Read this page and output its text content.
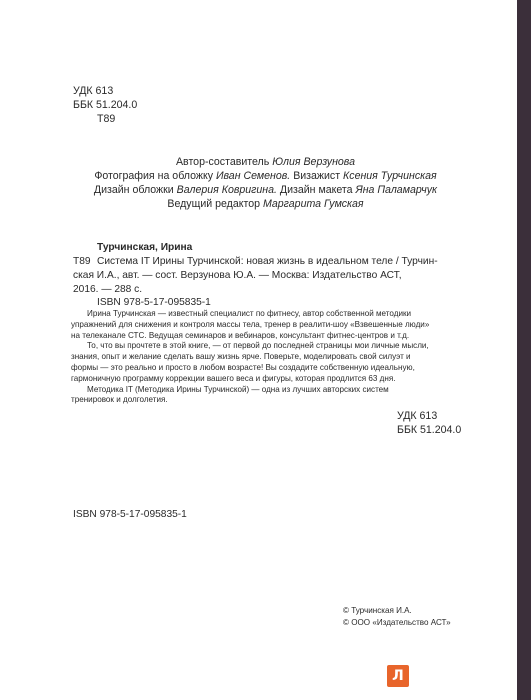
УДК 613
ББК 51.204.0
Т89
Автор-составитель Юлия Верзунова
Фотография на обложку Иван Семенов. Визажист Ксения Турчинская
Дизайн обложки Валерия Ковригина. Дизайн макета Яна Паламарчук
Ведущий редактор Маргарита Гумская
Турчинская, Ирина
Т89 Система IT Ирины Турчинской: новая жизнь в идеальном теле / Турчин-
ская И.А., авт. — сост. Верзунова Ю.А. — Москва: Издательство АСТ,
2016. — 288 с.
ISBN 978-5-17-095835-1

Ирина Турчинская — известный специалист по фитнесу, автор собственной методики

упражнений для снижения и контроля массы тела, тренер в реалити-шоу «Взвешенные люди»

на телеканале СТС. Ведущая семинаров и вебинаров, консультант фитнес-центров и т.д.

То, что вы прочтете в этой книге, — от первой до последней страницы мои личные мысли,

знания, опыт и желание сделать вашу жизнь ярче. Поверьте, моделировать свой силуэт и

формы — это реально и просто в любом возрасте! Вы создадите собственную идеальную,

гармоничную программу коррекции вашего веса и фигуры, которая продлится 63 дня.

Методика IT (Методика Ирины Турчинской) — одна из лучших авторских систем

тренировок и долголетия.

УДК 613
ББК 51.204.0
ISBN 978-5-17-095835-1
© Турчинская И.А.
© ООО «Издательство АСТ»
Л
